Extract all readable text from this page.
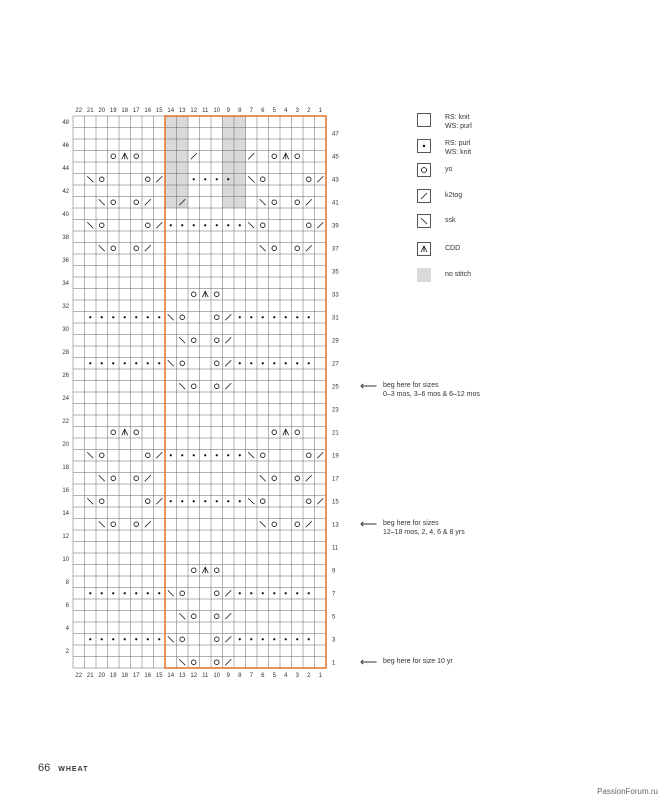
22
22
21
21
20
20
19
19
18
18
17
17
16
16
15
15
14
14
13
13
12
12
11
11
10
10
9
9
8
8
7
7
6
6
5
5
4
4
3
3
2
2
1
1
2
4
6
8
10
12
14
16
18
20
22
24
26
28
30
32
34
36
38
40
42
44
46
48
1
3
5
7
9
11
13
15
17
19
21
23
25
27
29
31
33
35
37
39
41
43
45
47
RS: knit
WS: purl
RS: purl
WS: knit
yo
k2tog
ssk
CDD
no stitch
⟵ beg here for sizes
0–3 mos, 3–6 mos & 6–12 mos
⟵ beg here for sizes
12–18 mos, 2, 4, 6 & 8 yrs
⟵ beg here for size 10 yr
66 WHEAT
PassionForum.ru
